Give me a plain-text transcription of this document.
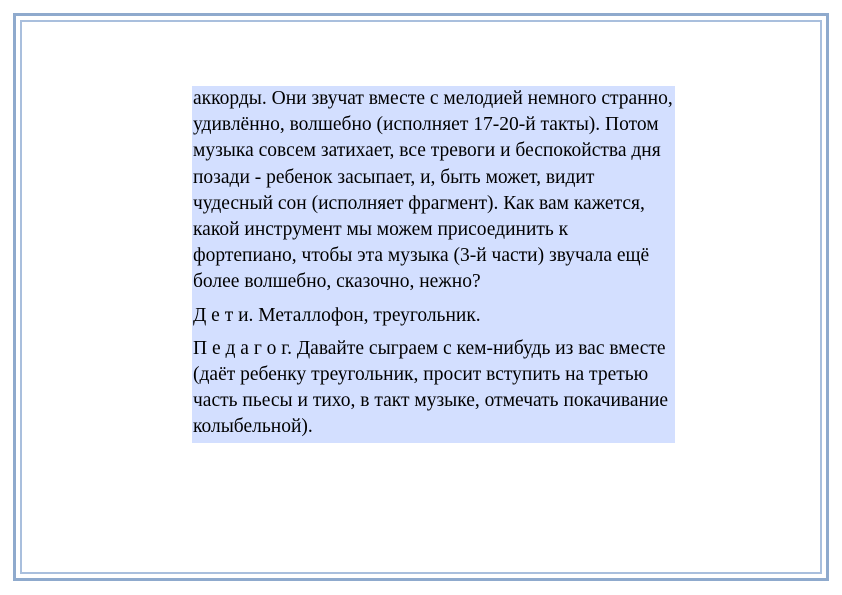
аккорды. Они звучат вместе с мелодией немного странно, удивлённо, волшебно (исполняет 17-20-й такты). Потом музыка совсем затихает, все тревоги и беспокойства дня позади - ребенок засыпает, и, быть может, видит чудесный сон (исполняет фрагмент). Как вам кажется, какой инструмент мы можем присоединить к фортепиано, чтобы эта музыка (3-й части) звучала ещё более волшебно, сказочно, нежно?

Д е т и. Металлофон, треугольник.

П е д а г о г. Давайте сыграем с кем-нибудь из вас вместе (даёт ребенку треугольник, просит вступить на третью часть пьесы и тихо, в такт музыке, отмечать покачивание колыбельной).
